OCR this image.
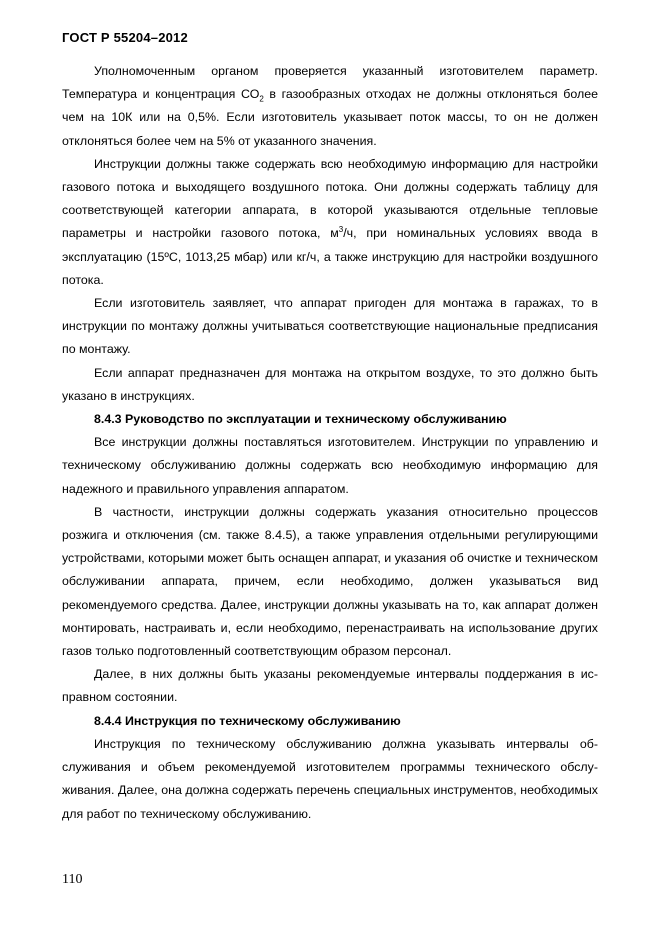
ГОСТ Р 55204–2012

Уполномоченным органом проверяется указанный изготовителем параметр. Температура и концентрация $СО_2$ в газообразных отходах не должны отклоняться более чем на 10К или на 0,5%. Если изготовитель указывает поток массы, то он не должен отклоняться более чем на 5% от указанного значения.

Инструкции должны также содержать всю необходимую информацию для настройки газового потока и выходящего воздушного потока. Они должны содержать таблицу для соответствующей категории аппарата, в которой указываются отдельные тепловые параметры и настройки газового потока, $м^3/ч$, при номинальных условиях ввода в эксплуатацию (15ºС, 1013,25 мбар) или кг/ч, а также инструкцию для настройки воздушного потока.

Если изготовитель заявляет, что аппарат пригоден для монтажа в гаражах, то в инструкции по монтажу должны учитываться соответствующие национальные предписания по монтажу.

Если аппарат предназначен для монтажа на открытом воздухе, то это должно быть указано в инструкциях.

8.4.3 Руководство по эксплуатации и техническому обслуживанию

Все инструкции должны поставляться изготовителем. Инструкции по управлению и техническому обслуживанию должны содержать всю необходимую информацию для надежного и правильного управления аппаратом.

В частности, инструкции должны содержать указания относительно процессов розжига и отключения (см. также 8.4.5), а также управления отдельными регулирующими устройствами, которыми может быть оснащен аппарат, и указания об очистке и техническом обслуживании аппарата, причем, если необходимо, должен указываться вид рекомендуемого средства. Далее, инструкции должны указывать на то, как аппарат должен монтировать, настраивать и, если необходимо, перенастраивать на использование других газов только подготовленный соответствующим образом персонал.

Далее, в них должны быть указаны рекомендуемые интервалы поддержания в исправном состоянии.

8.4.4 Инструкция по техническому обслуживанию

Инструкция по техническому обслуживанию должна указывать интервалы обслуживания и объем рекомендуемой изготовителем программы технического обслуживания. Далее, она должна содержать перечень специальных инструментов, необходимых для работ по техническому обслуживанию.

110
